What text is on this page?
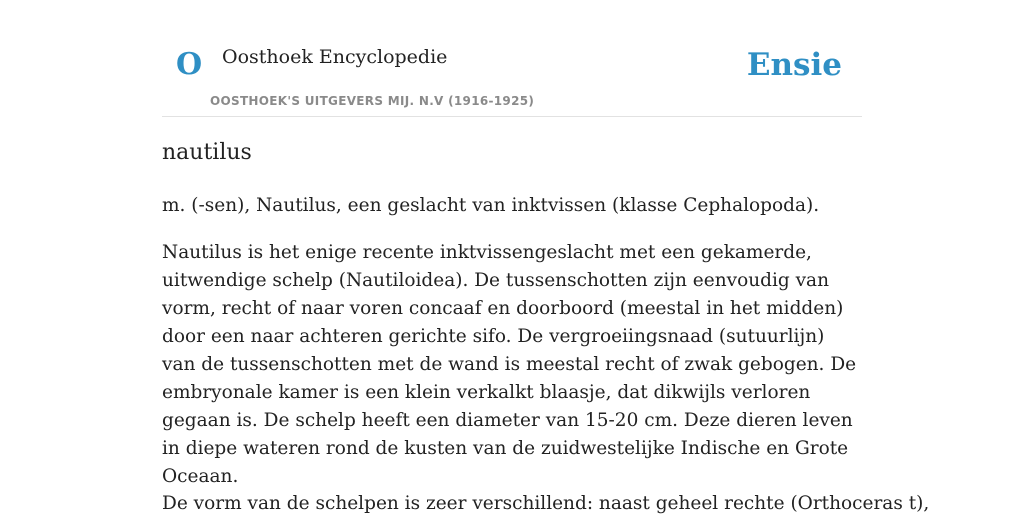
O Oosthoek Encyclopedie
OOSTHOEK'S UITGEVERS MIJ. N.V (1916-1925)
Ensie
nautilus

m. (-sen), Nautilus, een geslacht van inktvissen (klasse Cephalopoda).

Nautilus is het enige recente inktvissengeslacht met een gekamerde, uitwendige schelp (Nautiloidea). De tussenschotten zijn eenvoudig van vorm, recht of naar voren concaaf en doorboord (meestal in het midden) door een naar achteren gerichte sifo. De vergroeiingsnaad (sutuurlijn) van de tussenschotten met de wand is meestal recht of zwak gebogen. De embryonale kamer is een klein verkalkt blaasje, dat dikwijls verloren gegaan is. De schelp heeft een diameter van 15-20 cm. Deze dieren leven in diepe wateren rond de kusten van de zuidwestelijke Indische en Grote Oceaan.

De vorm van de schelpen is zeer verschillend: naast geheel rechte (Orthoceras t),
